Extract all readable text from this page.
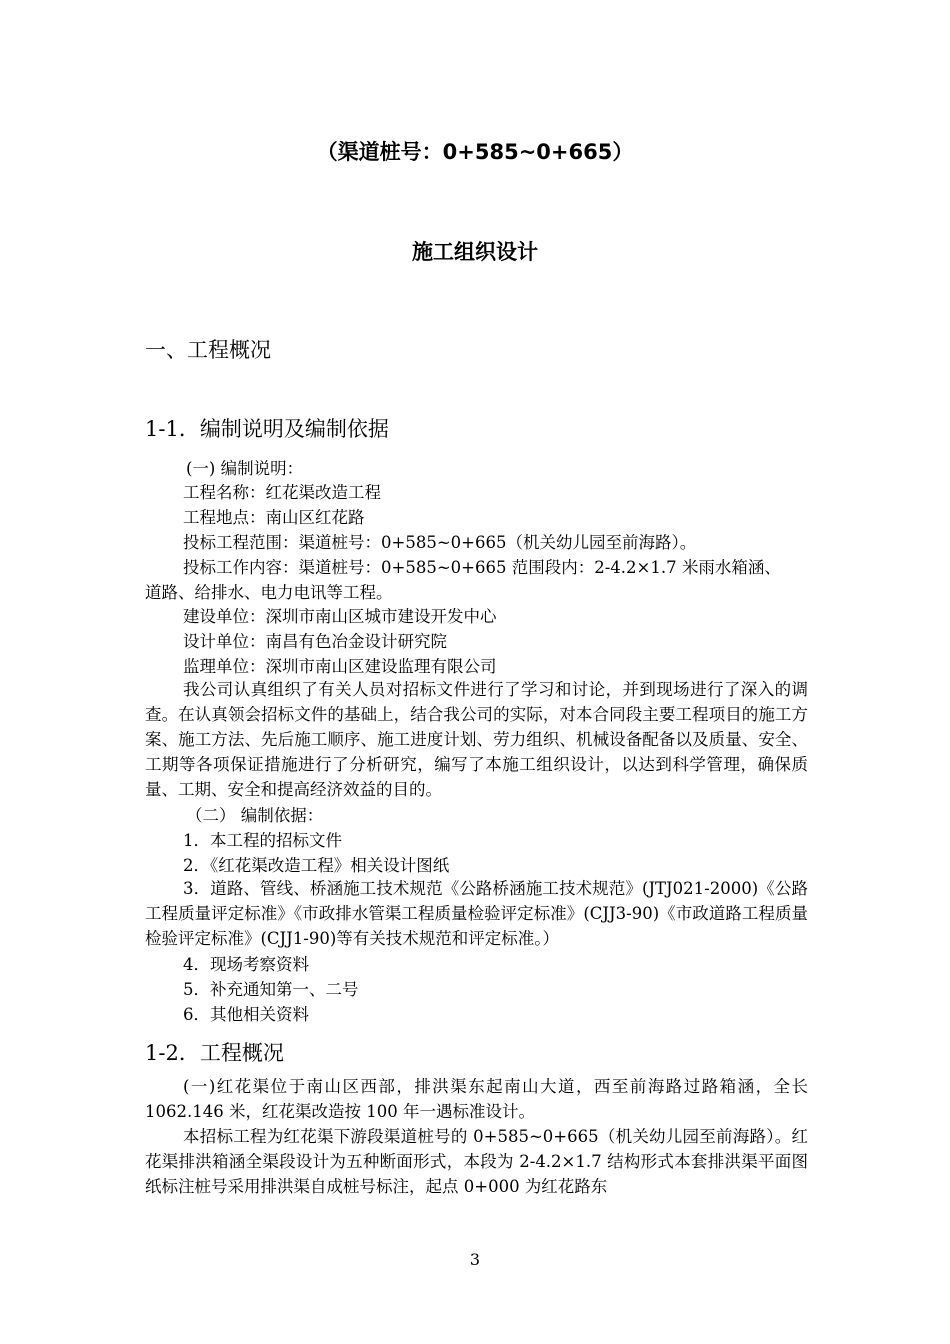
（渠道桩号：0+585~0+665）
施工组织设计
一、工程概况
1-1．编制说明及编制依据
(一) 编制说明：
工程名称：红花渠改造工程
工程地点：南山区红花路
投标工程范围：渠道桩号：0+585~0+665（机关幼儿园至前海路）。
投标工作内容：渠道桩号：0+585~0+665 范围段内：2-4.2×1.7 米雨水箱涵、
道路、给排水、电力电讯等工程。
建设单位：深圳市南山区城市建设开发中心
设计单位：南昌有色冶金设计研究院
监理单位：深圳市南山区建设监理有限公司
我公司认真组织了有关人员对招标文件进行了学习和讨论，并到现场进行了深入的调查。在认真领会招标文件的基础上，结合我公司的实际，对本合同段主要工程项目的施工方案、施工方法、先后施工顺序、施工进度计划、劳力组织、机械设备配备以及质量、安全、工期等各项保证措施进行了分析研究，编写了本施工组织设计，以达到科学管理，确保质量、工期、安全和提高经济效益的目的。
（二） 编制依据：
1．本工程的招标文件
2．《红花渠改造工程》相关设计图纸
3．道路、管线、桥涵施工技术规范《公路桥涵施工技术规范》(JTJ021-2000)《公路工程质量评定标准》《市政排水管渠工程质量检验评定标准》(CJJ3-90)《市政道路工程质量检验评定标准》(CJJ1-90)等有关技术规范和评定标准。）
4．现场考察资料
5．补充通知第一、二号
6．其他相关资料
1-2．工程概况
(一)红花渠位于南山区西部，排洪渠东起南山大道，西至前海路过路箱涵，全长1062.146 米，红花渠改造按 100 年一遇标准设计。
本招标工程为红花渠下游段渠道桩号的 0+585~0+665（机关幼儿园至前海路）。红花渠排洪箱涵全渠段设计为五种断面形式，本段为 2-4.2×1.7 结构形式本套排洪渠平面图纸标注桩号采用排洪渠自成桩号标注，起点 0+000 为红花路东
3
